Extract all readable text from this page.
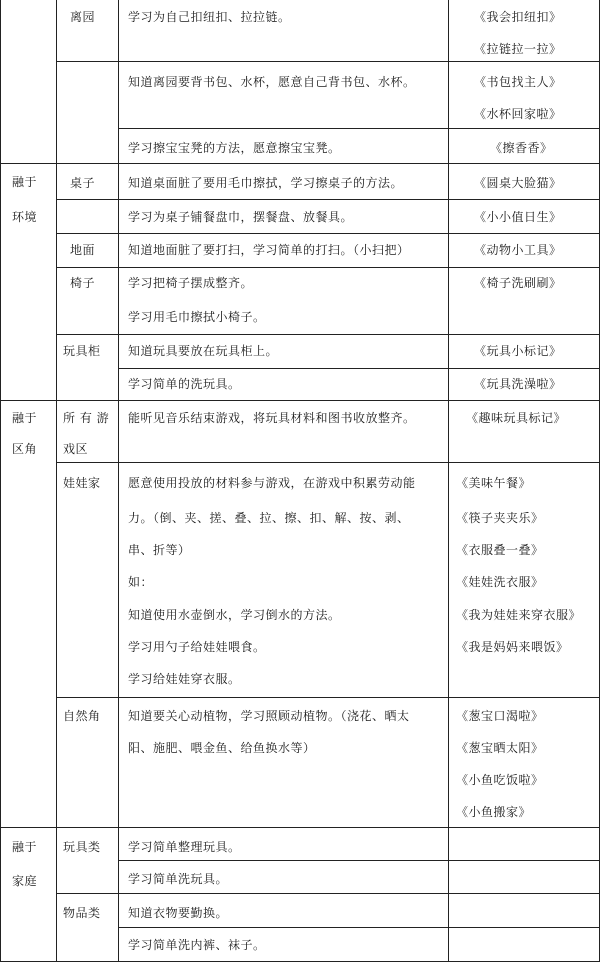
融于
环境
融于
区角
融于
家庭
离园
桌子
地面
椅子
玩具柜
所 有 游
戏区
娃娃家
自然角
玩具类
物品类
学习为自己扣纽扣、拉拉链。
知道离园要背书包、水杯，愿意自己背书包、水杯。
学习擦宝宝凳的方法，愿意擦宝宝凳。
知道桌面脏了要用毛巾擦拭，学习擦桌子的方法。
学习为桌子铺餐盘巾，摆餐盘、放餐具。
知道地面脏了要打扫，学习简单的打扫。（小扫把）
学习把椅子摆成整齐。
学习用毛巾擦拭小椅子。
知道玩具要放在玩具柜上。
学习简单的洗玩具。
能听见音乐结束游戏，将玩具材料和图书收放整齐。
愿意使用投放的材料参与游戏，在游戏中积累劳动能
力。（倒、夹、搓、叠、拉、擦、扣、解、按、剥、
串、折等）
如：
知道使用水壶倒水，学习倒水的方法。
学习用勺子给娃娃喂食。
学习给娃娃穿衣服。
知道要关心动植物，学习照顾动植物。（浇花、晒太
阳、施肥、喂金鱼、给鱼换水等）
学习简单整理玩具。
学习简单洗玩具。
知道衣物要勤换。
学习简单洗内裤、袜子。
《我会扣纽扣》
《拉链拉一拉》
《书包找主人》
《水杯回家啦》
《擦香香》
《圆桌大脸猫》
《小小值日生》
《动物小工具》
《椅子洗刷刷》
《玩具小标记》
《玩具洗澡啦》
《趣味玩具标记》
《美味午餐》
《筷子夹夹乐》
《衣服叠一叠》
《娃娃洗衣服》
《我为娃娃来穿衣服》
《我是妈妈来喂饭》
《葱宝口渴啦》
《葱宝晒太阳》
《小鱼吃饭啦》
《小鱼搬家》
